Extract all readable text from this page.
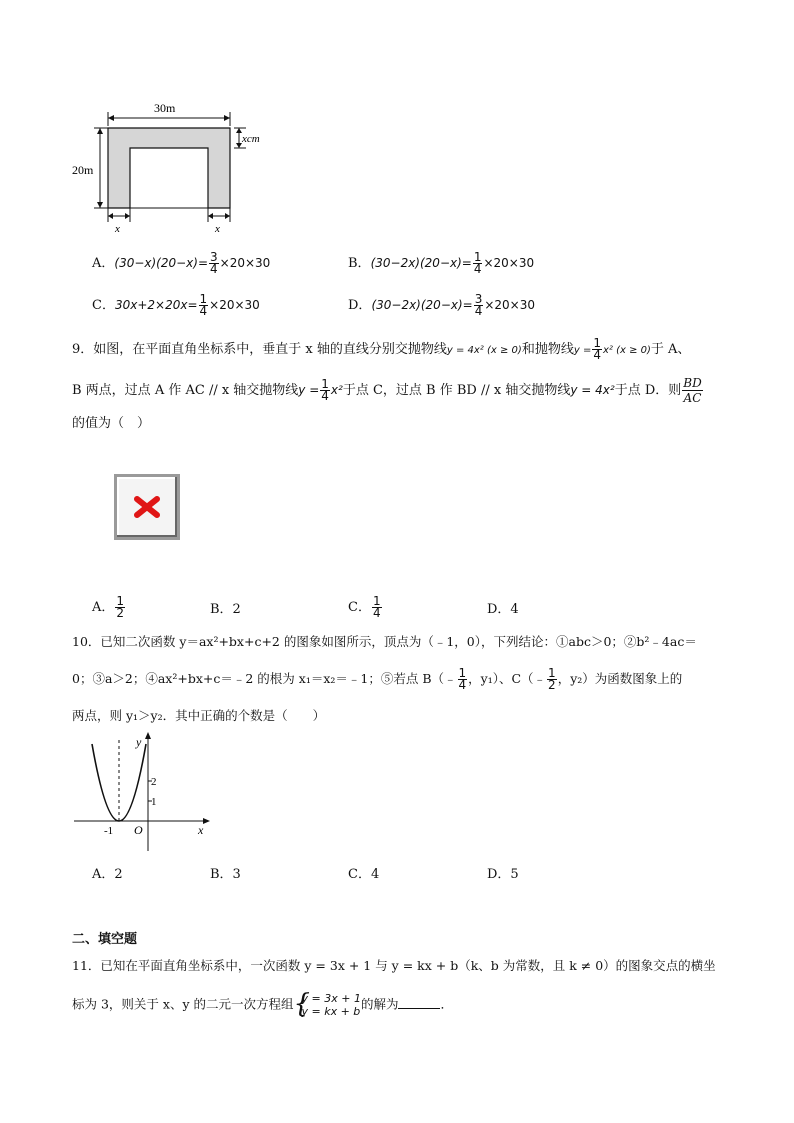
30m
20m
xcm
x	x
A．$(30-x)(20-x)= \frac{3}{4} \times 20\times 30$	B．$(30-2x)(20-x)= \frac{1}{4} \times 20\times 30$
C．$30x+2\times 20x= \frac{1}{4} \times 20\times 30$	D．$(30-2x)(20-x)= \frac{3}{4} \times 20\times 30$
9．如图，在平面直角坐标系中，垂直于 x 轴的直线分别交抛物线y = 4x² (x ≥ 0)和抛物线$y = \frac{1}{4} x^2$ (x ≥ 0)于 A、
B 两点，过点 A 作 AC // x 轴交抛物线$y = \frac{1}{4} x^2$于点 C，过点 B 作 BD // x 轴交抛物线y = 4x²于点 D．则 $\frac{BD}{AC}$
的值为（　）
A． $\frac{1}{2}$	B．2	C． $\frac{1}{4}$	D．4
10．已知二次函数 y＝ax²+bx+c+2 的图象如图所示，顶点为（﹣1，0），下列结论：①abc＞0；②b²﹣4ac＝
0；③a＞2；④ax²+bx+c＝﹣2 的根为 x₁＝x₂＝﹣1；⑤若点 B（﹣ $\frac{1}{4}$ ，y₁）、C（﹣ $\frac{1}{2}$ ，y₂）为函数图象上的
两点，则 y₁＞y₂．其中正确的个数是（　　）
y
x
O
2
1
-1
A．2	B．3	C．4	D．5
二、填空题
11．已知在平面直角坐标系中，一次函数 y = 3x + 1 与 y = kx + b（k、b 为常数，且 k ≠ 0）的图象交点的横坐
标为 3，则关于 x、y 的二元一次方程组 {
y = 3x + 1
y = kx + b 的解为	．
